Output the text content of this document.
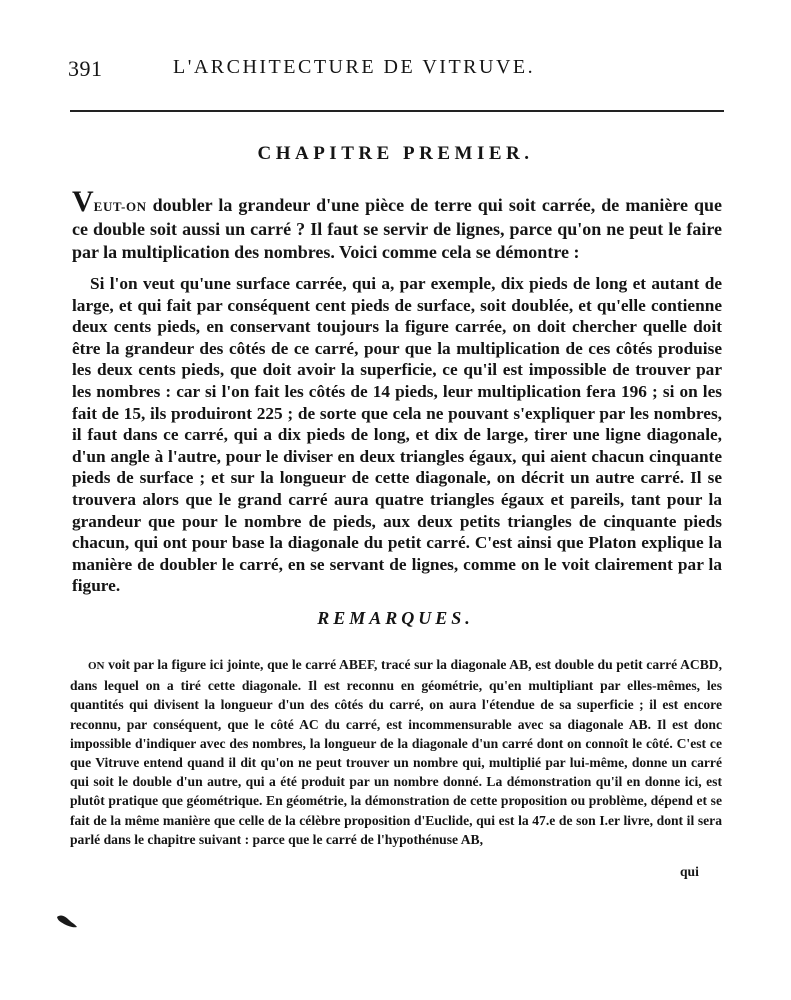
391	L'ARCHITECTURE DE VITRUVE.
CHAPITRE PREMIER.
VEUT-ON doubler la grandeur d'une pièce de terre qui soit carrée, de manière que ce double soit aussi un carré ? Il faut se servir de lignes, parce qu'on ne peut le faire par la multiplication des nombres. Voici comme cela se démontre :
Si l'on veut qu'une surface carrée, qui a, par exemple, dix pieds de long et autant de large, et qui fait par conséquent cent pieds de surface, soit doublée, et qu'elle contienne deux cents pieds, en conservant toujours la figure carrée, on doit chercher quelle doit être la grandeur des côtés de ce carré, pour que la multiplication de ces côtés produise les deux cents pieds, que doit avoir la superficie, ce qu'il est impossible de trouver par les nombres : car si l'on fait les côtés de 14 pieds, leur multiplication fera 196 ; si on les fait de 15, ils produiront 225 ; de sorte que cela ne pouvant s'expliquer par les nombres, il faut dans ce carré, qui a dix pieds de long, et dix de large, tirer une ligne diagonale, d'un angle à l'autre, pour le diviser en deux triangles égaux, qui aient chacun cinquante pieds de surface ; et sur la longueur de cette diagonale, on décrit un autre carré. Il se trouvera alors que le grand carré aura quatre triangles égaux et pareils, tant pour la grandeur que pour le nombre de pieds, aux deux petits triangles de cinquante pieds chacun, qui ont pour base la diagonale du petit carré. C'est ainsi que Platon explique la manière de doubler le carré, en se servant de lignes, comme on le voit clairement par la figure.
REMARQUES.
ON voit par la figure ici jointe, que le carré ABEF, tracé sur la diagonale AB, est double du petit carré ACBD, dans lequel on a tiré cette diagonale. Il est reconnu en géométrie, qu'en multipliant par elles-mêmes, les quantités qui divisent la longueur d'un des côtés du carré, on aura l'étendue de sa superficie ; il est encore reconnu, par conséquent, que le côté AC du carré, est incommensurable avec sa diagonale AB. Il est donc impossible d'indiquer avec des nombres, la longueur de la diagonale d'un carré dont on connoît le côté. C'est ce que Vitruve entend quand il dit qu'on ne peut trouver un nombre qui, multiplié par lui-même, donne un carré qui soit le double d'un autre, qui a été produit par un nombre donné. La démonstration qu'il en donne ici, est plutôt pratique que géométrique. En géométrie, la démonstration de cette proposition ou problème, dépend et se fait de la même manière que celle de la célèbre proposition d'Euclide, qui est la 47.e de son I.er livre, dont il sera parlé dans le chapitre suivant : parce que le carré de l'hypothénuse AB,
qui
